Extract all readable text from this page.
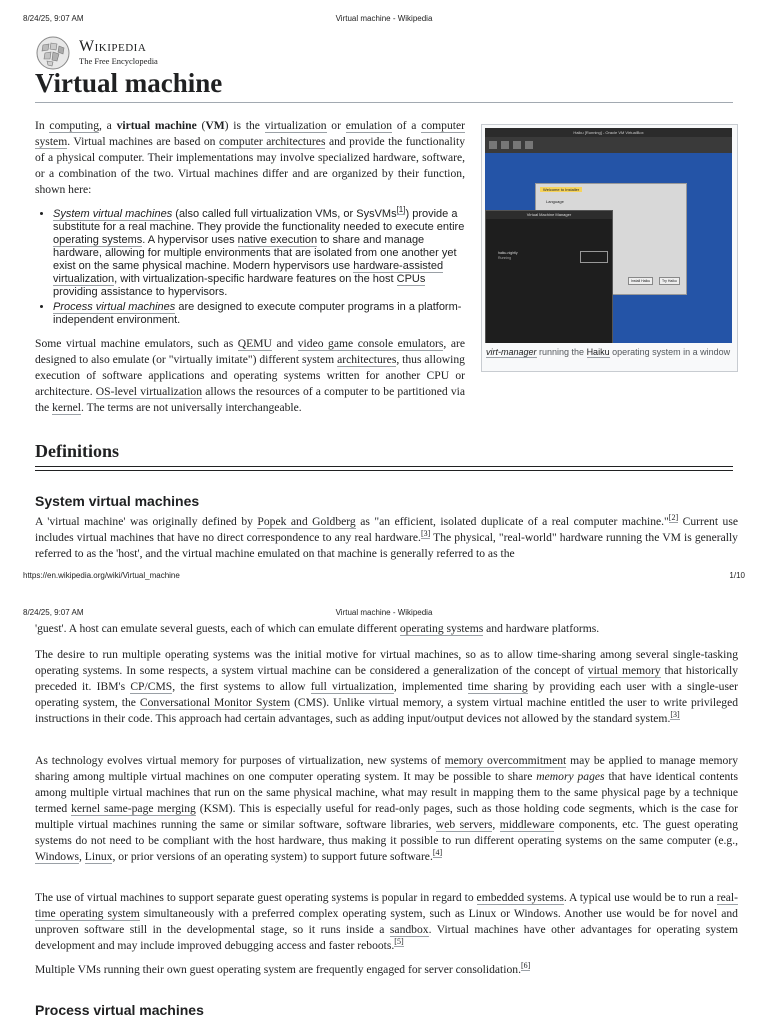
8/24/25, 9:07 AM	Virtual machine - Wikipedia
Wikipedia
The Free Encyclopedia
Virtual machine

In computing, a virtual machine (VM) is the virtualization or emulation of a computer system. Virtual machines are based on computer architectures and provide the functionality of a physical computer. Their implementations may involve specialized hardware, software, or a combination of the two. Virtual machines differ and are organized by their function, shown here:

• System virtual machines (also called full virtualization VMs, or SysVMs[1]) provide a substitute for a real machine. They provide the functionality needed to execute entire operating systems. A hypervisor uses native execution to share and manage hardware, allowing for multiple environments that are isolated from one another yet exist on the same physical machine. Modern hypervisors use hardware-assisted virtualization, with virtualization-specific hardware features on the host CPUs providing assistance to hypervisors.
• Process virtual machines are designed to execute computer programs in a platform-independent environment.

Some virtual machine emulators, such as QEMU and video game console emulators, are designed to also emulate (or "virtually imitate") different system architectures, thus allowing execution of software applications and operating systems written for another CPU or architecture. OS-level virtualization allows the resources of a computer to be partitioned via the kernel. The terms are not universally interchangeable.

Haiku [Running] - Oracle VM VirtualBox
Welcome to Installer
Language
Install Haiku	Try Haiku
Virtual Machine Manager
haiku-nightly
Running
virt-manager running the Haiku operating system in a window
Definitions
System virtual machines

A 'virtual machine' was originally defined by Popek and Goldberg as "an efficient, isolated duplicate of a real computer machine."[2] Current use includes virtual machines that have no direct correspondence to any real hardware.[3] The physical, "real-world" hardware running the VM is generally referred to as the 'host', and the virtual machine emulated on that machine is generally referred to as the

https://en.wikipedia.org/wiki/Virtual_machine	1/10
8/24/25, 9:07 AM	Virtual machine - Wikipedia

'guest'. A host can emulate several guests, each of which can emulate different operating systems and hardware platforms.

The desire to run multiple operating systems was the initial motive for virtual machines, so as to allow time-sharing among several single-tasking operating systems. In some respects, a system virtual machine can be considered a generalization of the concept of virtual memory that historically preceded it. IBM's CP/CMS, the first systems to allow full virtualization, implemented time sharing by providing each user with a single-user operating system, the Conversational Monitor System (CMS). Unlike virtual memory, a system virtual machine entitled the user to write privileged instructions in their code. This approach had certain advantages, such as adding input/output devices not allowed by the standard system.[3]

As technology evolves virtual memory for purposes of virtualization, new systems of memory overcommitment may be applied to manage memory sharing among multiple virtual machines on one computer operating system. It may be possible to share memory pages that have identical contents among multiple virtual machines that run on the same physical machine, what may result in mapping them to the same physical page by a technique termed kernel same-page merging (KSM). This is especially useful for read-only pages, such as those holding code segments, which is the case for multiple virtual machines running the same or similar software, software libraries, web servers, middleware components, etc. The guest operating systems do not need to be compliant with the host hardware, thus making it possible to run different operating systems on the same computer (e.g., Windows, Linux, or prior versions of an operating system) to support future software.[4]

The use of virtual machines to support separate guest operating systems is popular in regard to embedded systems. A typical use would be to run a real-time operating system simultaneously with a preferred complex operating system, such as Linux or Windows. Another use would be for novel and unproven software still in the developmental stage, so it runs inside a sandbox. Virtual machines have other advantages for operating system development and may include improved debugging access and faster reboots.[5]

Multiple VMs running their own guest operating system are frequently engaged for server consolidation.[6]

Process virtual machines
